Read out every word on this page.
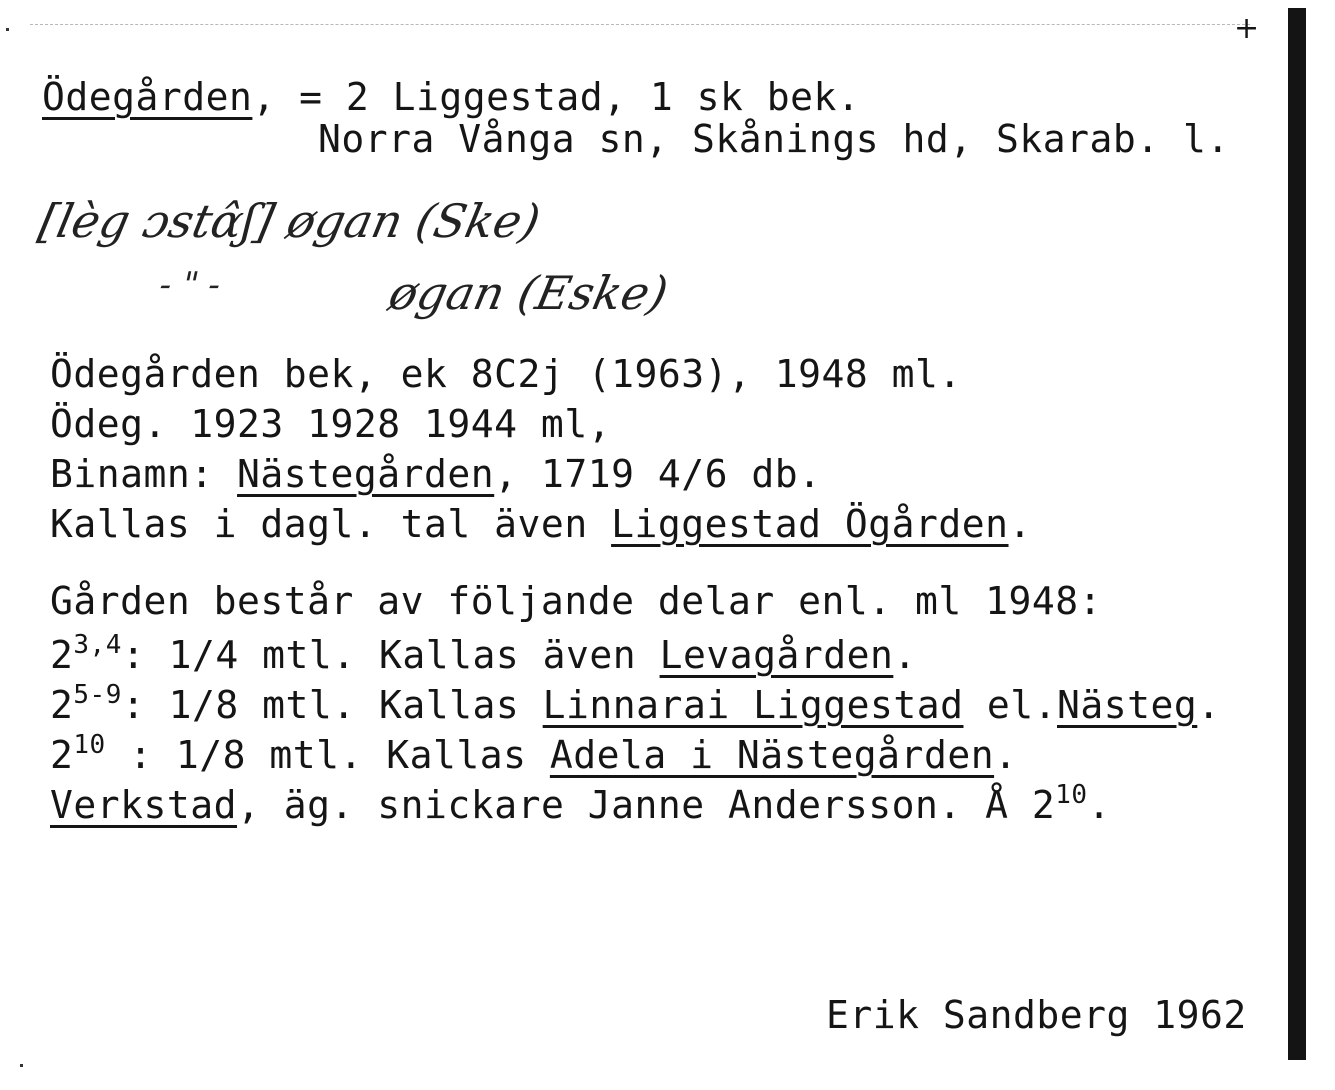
+
Ödegården, = 2 Liggestad, 1 sk bek.
Norra Vånga sn, Skånings hd, Skarab. l.
[lèg ɔstɑ̂ʃ] øgan (Ske)
- " -	øgan (Eske)
Ödegården bek, ek 8C2j (1963), 1948 ml.
Ödeg. 1923 1928 1944 ml,
Binamn: Nästegården, 1719 4/6 db.
Kallas i dagl. tal även Liggestad Ögården.
Gården består av följande delar enl. ml 1948:
2$^{3,4}$: 1/4 mtl. Kallas även Levagården.
2$^{5-9}$: 1/8 mtl. Kallas Linnarai Liggestad el.Nästeg.
$2^{10}$ : 1/8 mtl. Kallas Adela i Nästegården.
Verkstad, äg. snickare Janne Andersson. Å $2^{10}$.
Erik Sandberg 1962
